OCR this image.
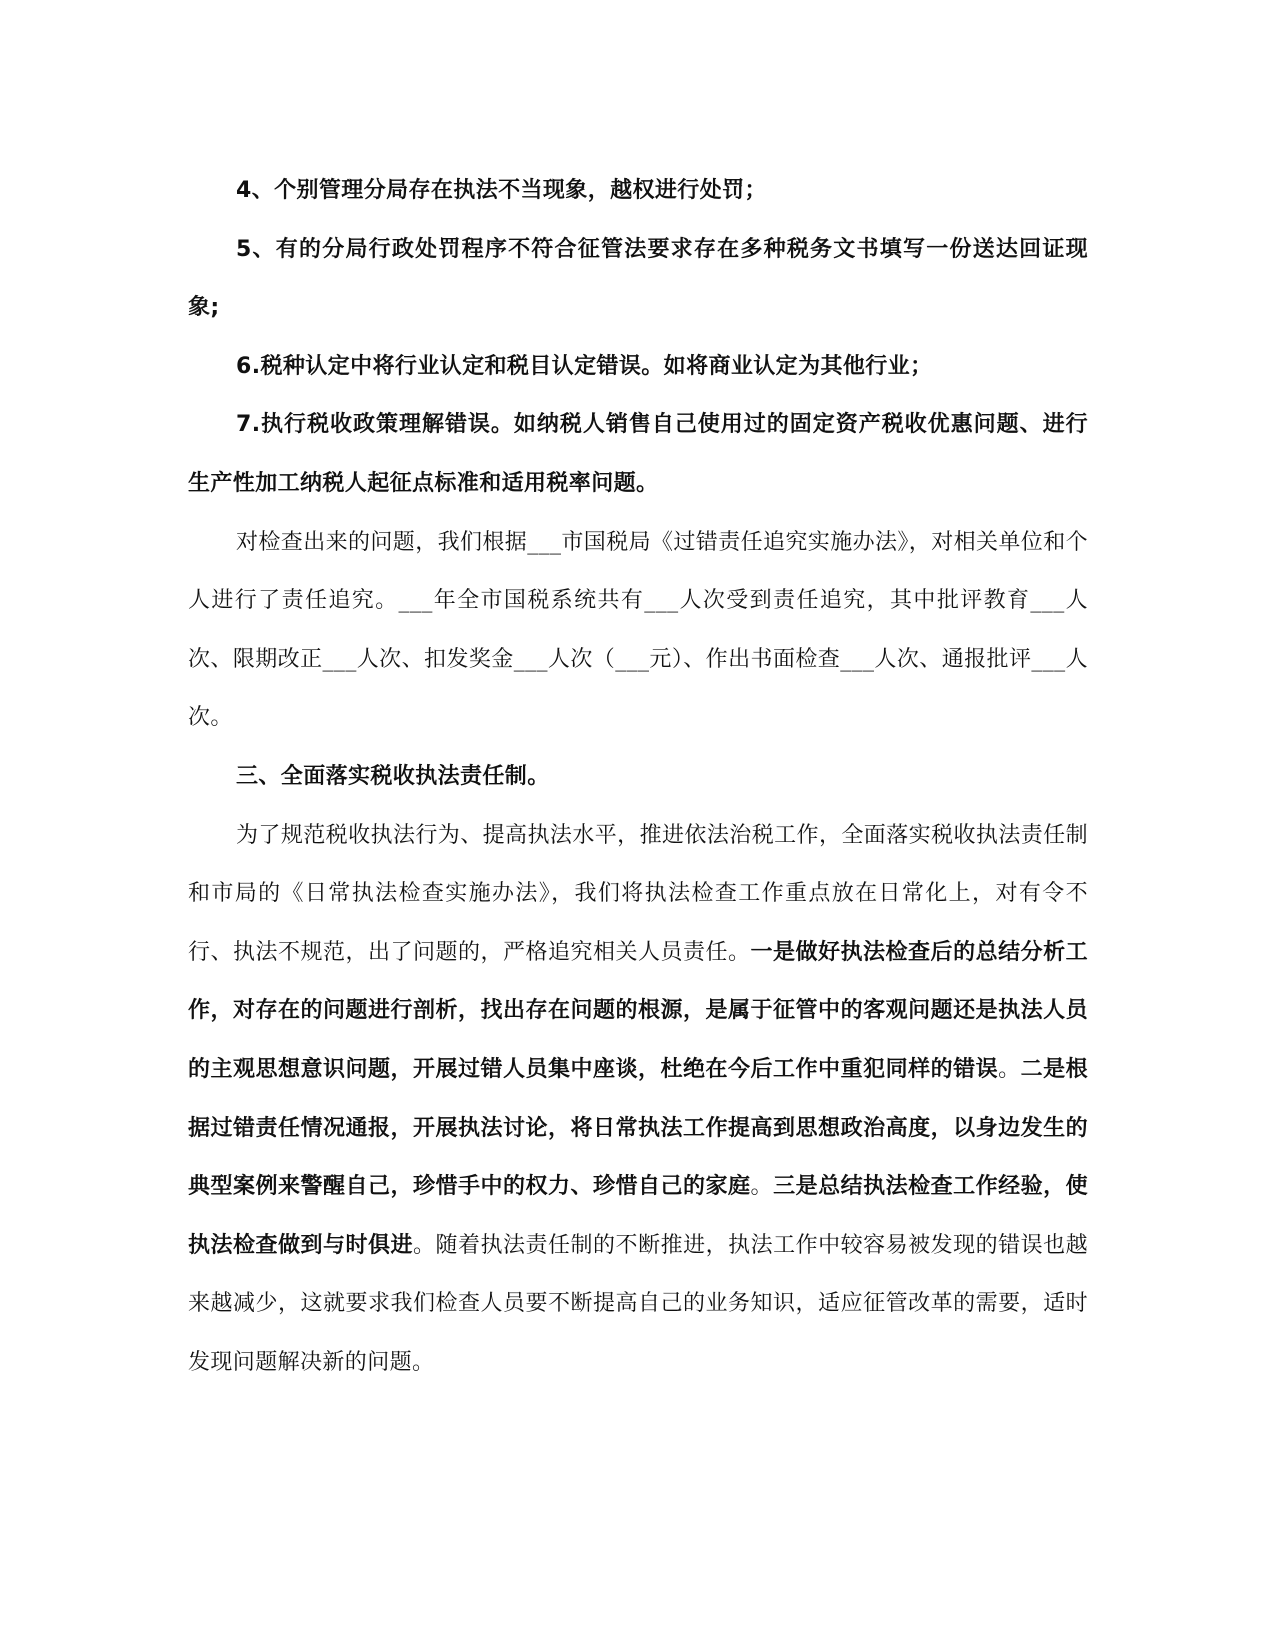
4、个别管理分局存在执法不当现象，越权进行处罚；

5、有的分局行政处罚程序不符合征管法要求存在多种税务文书填写一份送达回证现象;

6.税种认定中将行业认定和税目认定错误。如将商业认定为其他行业；

7.执行税收政策理解错误。如纳税人销售自己使用过的固定资产税收优惠问题、进行生产性加工纳税人起征点标准和适用税率问题。

对检查出来的问题，我们根据___市国税局《过错责任追究实施办法》，对相关单位和个人进行了责任追究。___年全市国税系统共有___人次受到责任追究，其中批评教育___人次、限期改正___人次、扣发奖金___人次（___元）、作出书面检查___人次、通报批评___人次。

三、全面落实税收执法责任制。

为了规范税收执法行为、提高执法水平，推进依法治税工作，全面落实税收执法责任制和市局的《日常执法检查实施办法》，我们将执法检查工作重点放在日常化上，对有令不行、执法不规范，出了问题的，严格追究相关人员责任。一是做好执法检查后的总结分析工作，对存在的问题进行剖析，找出存在问题的根源，是属于征管中的客观问题还是执法人员的主观思想意识问题，开展过错人员集中座谈，杜绝在今后工作中重犯同样的错误。二是根据过错责任情况通报，开展执法讨论，将日常执法工作提高到思想政治高度，以身边发生的典型案例来警醒自己，珍惜手中的权力、珍惜自己的家庭。三是总结执法检查工作经验，使执法检查做到与时俱进。随着执法责任制的不断推进，执法工作中较容易被发现的错误也越来越减少，这就要求我们检查人员要不断提高自己的业务知识，适应征管改革的需要，适时发现问题解决新的问题。
